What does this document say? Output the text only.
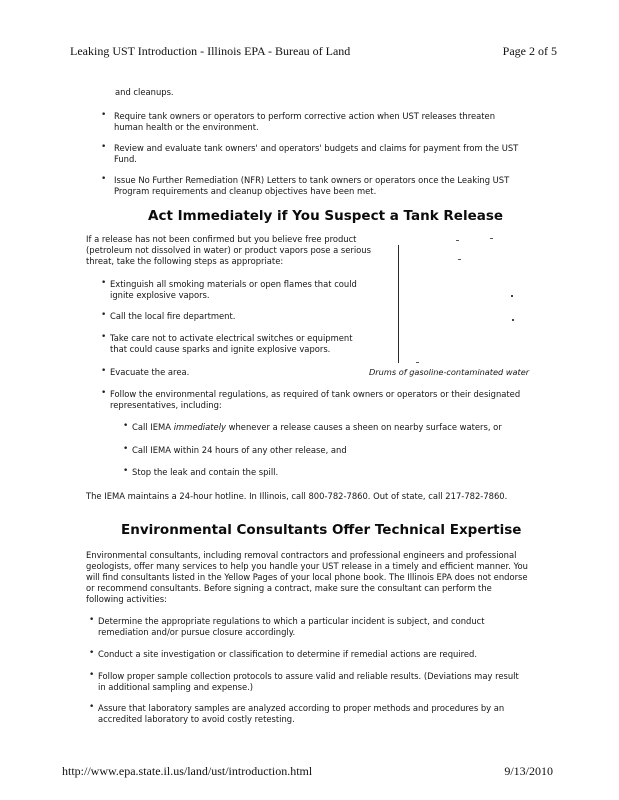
Leaking UST Introduction - Illinois EPA - Bureau of Land	Page 2 of 5
and cleanups.
• Require tank owners or operators to perform corrective action when UST releases threaten human health or the environment.
• Review and evaluate tank owners' and operators' budgets and claims for payment from the UST Fund.
• Issue No Further Remediation (NFR) Letters to tank owners or operators once the Leaking UST Program requirements and cleanup objectives have been met.
Act Immediately if You Suspect a Tank Release
If a release has not been confirmed but you believe free product (petroleum not dissolved in water) or product vapors pose a serious threat, take the following steps as appropriate:
• Extinguish all smoking materials or open flames that could ignite explosive vapors.
• Call the local fire department.
• Take care not to activate electrical switches or equipment that could cause sparks and ignite explosive vapors.
• Evacuate the area.
• Follow the environmental regulations, as required of tank owners or operators or their designated representatives, including:
• Call IEMA immediately whenever a release causes a sheen on nearby surface waters, or
• Call IEMA within 24 hours of any other release, and
• Stop the leak and contain the spill.
The IEMA maintains a 24-hour hotline. In Illinois, call 800-782-7860. Out of state, call 217-782-7860.
Drums of gasoline-contaminated water
Environmental Consultants Offer Technical Expertise
Environmental consultants, including removal contractors and professional engineers and professional geologists, offer many services to help you handle your UST release in a timely and efficient manner. You will find consultants listed in the Yellow Pages of your local phone book. The Illinois EPA does not endorse or recommend consultants. Before signing a contract, make sure the consultant can perform the following activities:
• Determine the appropriate regulations to which a particular incident is subject, and conduct remediation and/or pursue closure accordingly.
• Conduct a site investigation or classification to determine if remedial actions are required.
• Follow proper sample collection protocols to assure valid and reliable results. (Deviations may result in additional sampling and expense.)
• Assure that laboratory samples are analyzed according to proper methods and procedures by an accredited laboratory to avoid costly retesting.
http://www.epa.state.il.us/land/ust/introduction.html	9/13/2010
